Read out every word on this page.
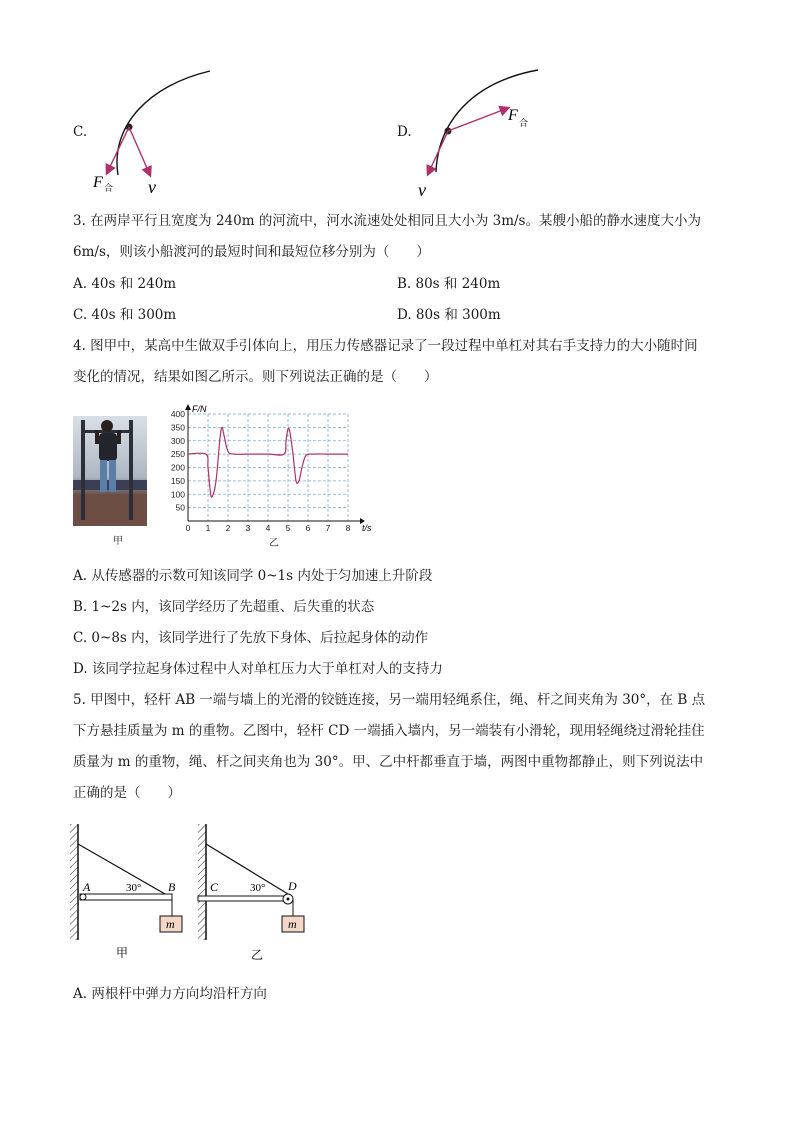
C.
F 合 v
D.
F 合
v
3. 在两岸平行且宽度为 240m 的河流中，河水流速处处相同且大小为 3m/s。某艘小船的静水速度大小为
6m/s，则该小船渡河的最短时间和最短位移分别为（　　）
A. 40s 和 240m	B. 80s 和 240m
C. 40s 和 300m	D. 80s 和 300m
4. 图甲中，某高中生做双手引体向上，用压力传感器记录了一段过程中单杠对其右手支持力的大小随时间
变化的情况，结果如图乙所示。则下列说法正确的是（　　）
甲
50
100
150
200
250
300
350
400
0 1 2 3 4 5 6 7 8
F/N
t/s
乙
A. 从传感器的示数可知该同学 0~1s 内处于匀加速上升阶段
B. 1~2s 内，该同学经历了先超重、后失重的状态
C. 0~8s 内，该同学进行了先放下身体、后拉起身体的动作
D. 该同学拉起身体过程中人对单杠压力大于单杠对人的支持力
5. 甲图中，轻杆 AB 一端与墙上的光滑的铰链连接，另一端用轻绳系住，绳、杆之间夹角为 30°，在 B 点
下方悬挂质量为 m 的重物。乙图中，轻杆 CD 一端插入墙内，另一端装有小滑轮，现用轻绳绕过滑轮挂住
质量为 m 的重物，绳、杆之间夹角也为 30°。甲、乙中杆都垂直于墙，两图中重物都静止，则下列说法中
正确的是（　　）
m
A	B
30°
甲
m
C	D
30°
乙
A. 两根杆中弹力方向均沿杆方向
